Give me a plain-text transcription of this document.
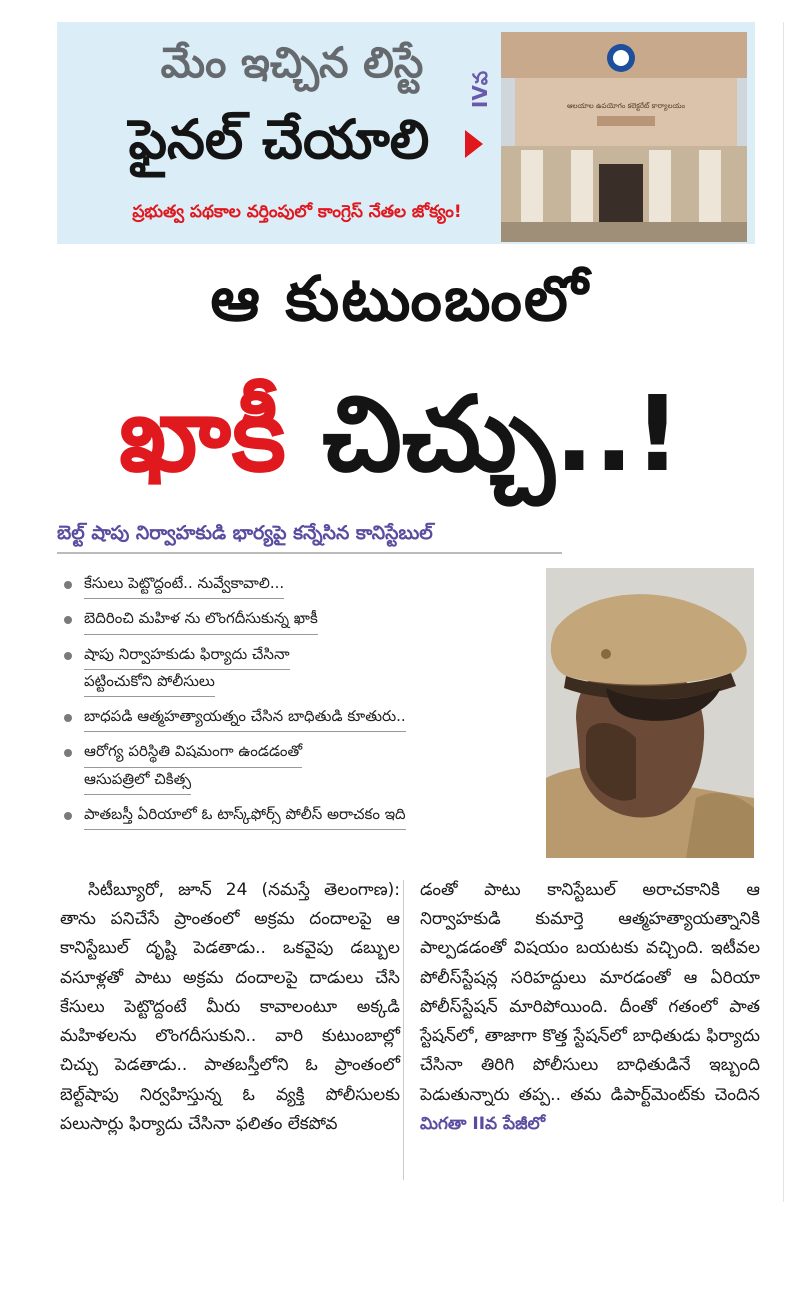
మేం ఇచ్చిన లిస్టే
ఫైనల్ చేయాలి
IVవ
ప్రభుత్వ పథకాల వర్తింపులో కాంగ్రెస్ నేతల జోక్యం!
ఆలయాల ఉపయోగం కలెక్టరేట్ కార్యాలయం
ఆ కుటుంబంలో
ఖాకీ చిచ్చు..!
బెల్ట్ షాపు నిర్వాహకుడి భార్యపై కన్నేసిన కానిస్టేబుల్
కేసులు పెట్టొద్దంటే.. నువ్వేకావాలి...
బెదిరించి మహిళ ను లొంగదీసుకున్న ఖాకీ
షాపు నిర్వాహకుడు ఫిర్యాదు చేసినా
పట్టించుకోని పోలీసులు
బాధపడి ఆత్మహత్యాయత్నం చేసిన బాధితుడి కూతురు..
ఆరోగ్య పరిస్థితి విషమంగా ఉండడంతో
ఆసుపత్రిలో చికిత్స
పాతబస్తీ ఏరియాలో ఓ టాస్క్‌ఫోర్స్ పోలీస్ అరాచకం ఇది

సిటీబ్యూరో, జూన్ 24 (నమస్తే తెలంగాణ): తాను పనిచేసే ప్రాంతంలో అక్రమ దందాలపై ఆ కానిస్టేబుల్ దృష్టి పెడతాడు.. ఒకవైపు డబ్బుల వసూళ్లతో పాటు అక్రమ దందాలపై దాడులు చేసి కేసులు పెట్టొద్దంటే మీరు కావాలంటూ అక్కడి మహిళలను లొంగదీసుకుని.. వారి కుటుంబాల్లో చిచ్చు పెడతాడు.. పాతబస్తీలోని ఓ ప్రాంతంలో బెల్ట్‌షాపు నిర్వహిస్తున్న ఓ వ్యక్తి పోలీసులకు పలుసార్లు ఫిర్యాదు చేసినా ఫలితం లేకపోవ

డంతో పాటు కానిస్టేబుల్ అరాచకానికి ఆ నిర్వాహకుడి కుమార్తె ఆత్మహత్యాయత్నానికి పాల్పడడంతో విషయం బయటకు వచ్చింది. ఇటీవల పోలీస్‌స్టేషన్ల సరిహద్దులు మారడంతో ఆ ఏరియా పోలీస్‌స్టేషన్ మారిపోయింది. దీంతో గతంలో పాత స్టేషన్‌లో, తాజాగా కొత్త స్టేషన్‌లో బాధితుడు ఫిర్యాదు చేసినా తిరిగి పోలీసులు బాధితుడినే ఇబ్బంది పెడుతున్నారు తప్ప.. తమ డిపార్ట్‌మెంట్‌కు చెందిన మిగతా IIవ పేజీలో
